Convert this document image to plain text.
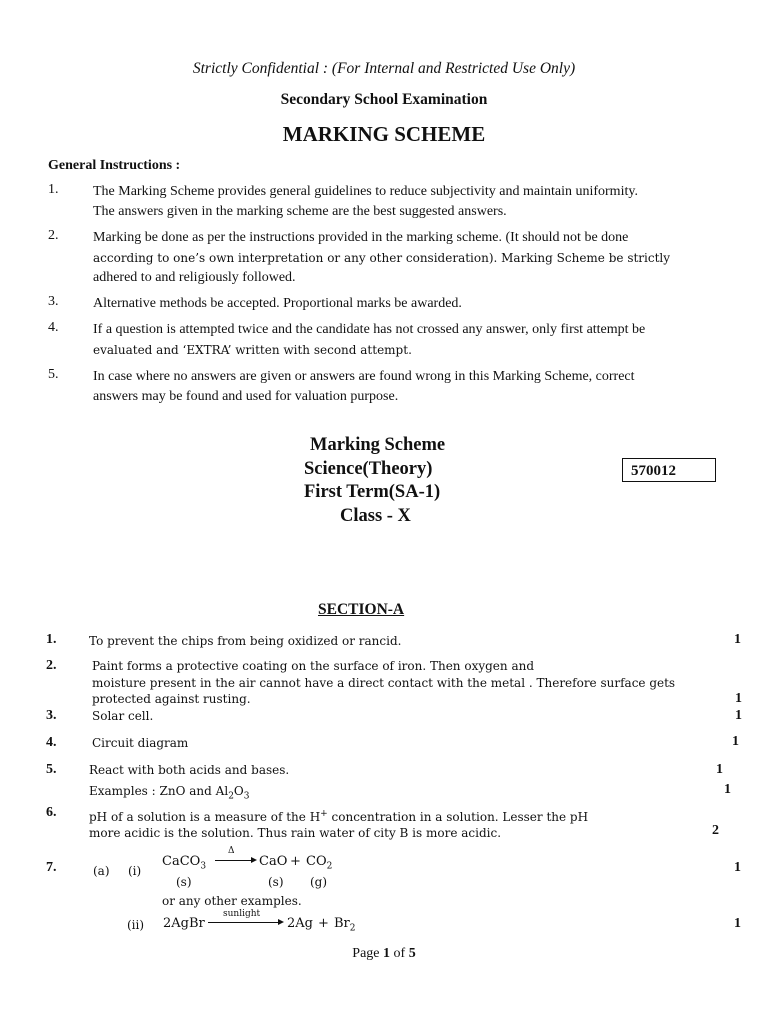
Strictly Confidential : (For Internal and Restricted Use Only)
Secondary School Examination
MARKING SCHEME
General Instructions :
1. The Marking Scheme provides general guidelines to reduce subjectivity and maintain uniformity.
The answers given in the marking scheme are the best suggested answers.
2. Marking be done as per the instructions provided in the marking scheme. (It should not be done
according to one’s own interpretation or any other consideration). Marking Scheme be strictly
adhered to and religiously followed.
3. Alternative methods be accepted. Proportional marks be awarded.
4. If a question is attempted twice and the candidate has not crossed any answer, only first attempt be
evaluated and ‘EXTRA’ written with second attempt.
5. In case where no answers are given or answers are found wrong in this Marking Scheme, correct
answers may be found and used for valuation purpose.
Marking Scheme
Science(Theory)
First Term(SA-1)
Class - X
570012
SECTION-A
1.	To prevent the chips from being oxidized or rancid.	1
2.	Paint forms a protective coating on the surface of iron. Then oxygen and
moisture present in the air cannot have a direct contact with the metal . Therefore surface gets
protected against rusting.	1
3.	Solar cell.	1
4.	Circuit diagram	1
5.	React with both acids and bases.	1
Examples : ZnO and $Al_2O_3$	1
6.	pH of a solution is a measure of the H+ concentration in a solution. Lesser the pH
more acidic is the solution. Thus rain water of city B is more acidic.	2
7.	(a) (i)
CaCO$_3$
Δ
CaO + $CO_2$	1
(s)	(s) (g)
or any other examples.
(ii) 2AgBr
sunlight
$2Ag + Br_2$	1
Page 1 of 5
